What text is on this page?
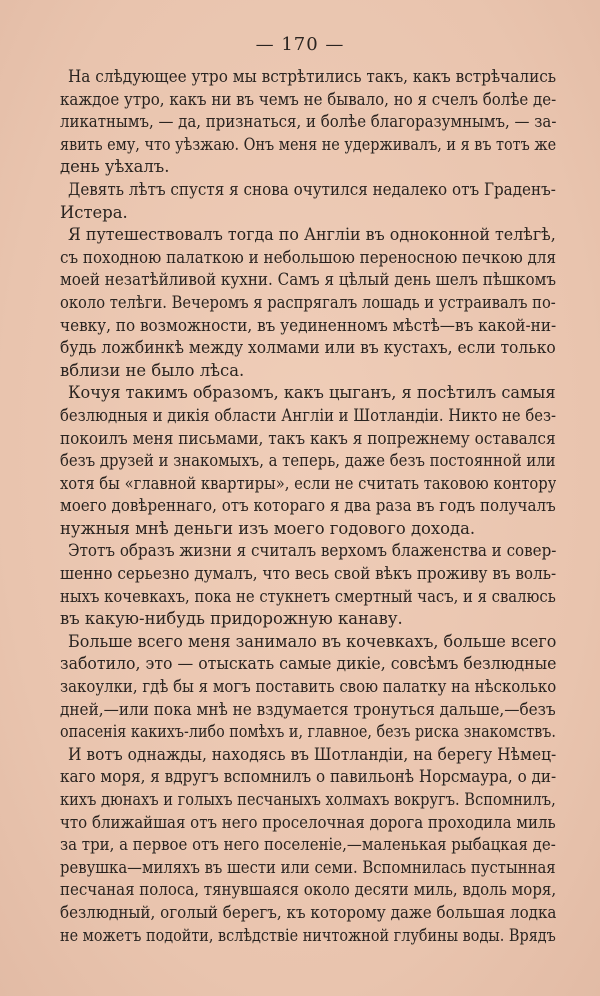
— 170 —
На слѣдующее утро мы встрѣтились такъ, какъ встрѣчались
каждое утро, какъ ни въ чемъ не бывало, но я счелъ болѣе де-
ликатнымъ, — да, признаться, и болѣе благоразумнымъ, — за-
явить ему, что уѣзжаю. Онъ меня не удерживалъ, и я въ тотъ же
день уѣхалъ.
Девять лѣтъ спустя я снова очутился недалеко отъ Граденъ-
Истера.
Я путешествовалъ тогда по Англіи въ одноконной телѣгѣ,
съ походною палаткою и небольшою переносною печкою для
моей незатѣйливой кухни. Самъ я цѣлый день шелъ пѣшкомъ
около телѣги. Вечеромъ я распрягалъ лошадь и устраивалъ по-
чевку, по возможности, въ уединенномъ мѣстѣ—въ какой-ни-
будь ложбинкѣ между холмами или въ кустахъ, если только
вблизи не было лѣса.
Кочуя такимъ образомъ, какъ цыганъ, я посѣтилъ самыя
безлюдныя и дикія области Англіи и Шотландіи. Никто не без-
покоилъ меня письмами, такъ какъ я попрежнему оставался
безъ друзей и знакомыхъ, а теперь, даже безъ постоянной или
хотя бы «главной квартиры», если не считать таковою контору
моего довѣреннаго, отъ котораго я два раза въ годъ получалъ
нужныя мнѣ деньги изъ моего годового дохода.
Этотъ образъ жизни я считалъ верхомъ блаженства и совер-
шенно серьезно думалъ, что весь свой вѣкъ проживу въ воль-
ныхъ кочевкахъ, пока не стукнетъ смертный часъ, и я свалюсь
въ какую-нибудь придорожную канаву.
Больше всего меня занимало въ кочевкахъ, больше всего
заботило, это — отыскать самые дикіе, совсѣмъ безлюдные
закоулки, гдѣ бы я могъ поставить свою палатку на нѣсколько
дней,—или пока мнѣ не вздумается тронуться дальше,—безъ
опасенія какихъ-либо помѣхъ и, главное, безъ риска знакомствъ.
И вотъ однажды, находясь въ Шотландіи, на берегу Нѣмец-
каго моря, я вдругъ вспомнилъ о павильонѣ Норсмаура, о ди-
кихъ дюнахъ и голыхъ песчаныхъ холмахъ вокругъ. Вспомнилъ,
что ближайшая отъ него проселочная дорога проходила миль
за три, а первое отъ него поселеніе,—маленькая рыбацкая де-
ревушка—миляхъ въ шести или семи. Вспомнилась пустынная
песчаная полоса, тянувшаяся около десяти миль, вдоль моря,
безлюдный, оголый берегъ, къ которому даже большая лодка
не можетъ подойти, вслѣдствіе ничтожной глубины воды. Врядъ
